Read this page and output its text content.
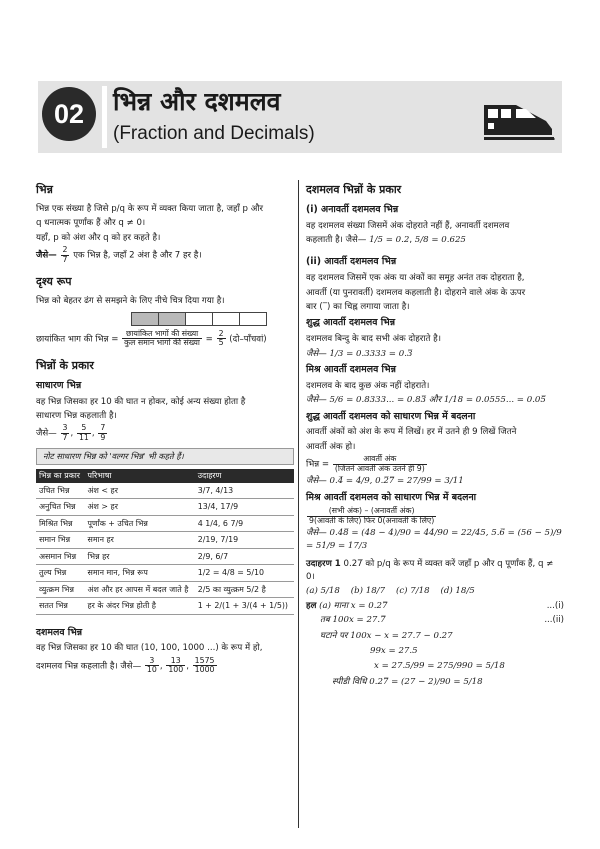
02	भिन्न और दशमलव
(Fraction and Decimals)
भिन्न

भिन्न एक संख्या है जिसे p/q के रूप में व्यक्त किया जाता है, जहाँ p और

q धनात्मक पूर्णांक हैं और q ≠ 0।

यहाँ, p को अंश और q को हर कहते है।

जैसे— $\frac{2}{7}$ एक भिन्न है, जहाँ 2 अंश है और 7 हर है।

दृश्य रूप

भिन्न को बेहतर ढंग से समझने के लिए नीचे चित्र दिया गया है।

छायांकित भाग की भिन्न = $\frac{\text{छायांकित भागों की संख्या}}{\text{कुल समान भागों की संख्या}} = \frac{2}{5}$ (दो–पाँचवां)

भिन्नों के प्रकार
साधारण भिन्न

वह भिन्न जिसका हर 10 की घात न होकर, कोई अन्य संख्या होता है

साधारण भिन्न कहलाती है।

जैसे— $\frac{3}{7}$ , $\frac{5}{11}$ , $\frac{7}{9}$

नोट साधारण भिन्न को 'वल्गर भिन्न' भी कहते हैं।
भिन्न का प्रकार	परिभाषा	उदाहरण
उचित भिन्न	अंश < हर	3/7, 4/13
अनुचित भिन्न	अंश > हर	13/4, 17/9
मिश्रित भिन्न	पूर्णांक + उचित भिन्न	4 1/4, 6 7/9
समान भिन्न	समान हर	2/19, 7/19
असमान भिन्न	भिन्न हर	2/9, 6/7
तुल्य भिन्न	समान मान, भिन्न रूप	1/2 = 4/8 = 5/10
व्युत्क्रम भिन्न	अंश और हर आपस में बदल जाते है	2/5 का व्युत्क्रम 5/2 है
सतत भिन्न	हर के अंदर भिन्न होती है	1 + 2/(1 + 3/(4 + 1/5))
दशमलव भिन्न

वह भिन्न जिसका हर 10 की घात (10, 100, 1000 ...) के रूप में हो,

दशमलव भिन्न कहलाती है। जैसे— $\frac{3}{10}$ , $\frac{13}{100}$ , $\frac{1575}{1000}$

दशमलव भिन्नों के प्रकार
(i) अनावर्ती दशमलव भिन्न

वह दशमलव संख्या जिसमें अंक दोहराते नहीं हैं, अनावर्ती दशमलव

कहलाती है। जैसे— 1/5 = 0.2, 5/8 = 0.625

(ii) आवर्ती दशमलव भिन्न

वह दशमलव जिसमें एक अंक या अंकों का समूह अनंत तक दोहराता है,

आवर्ती (या पुनरावर्ती) दशमलव कहलाती है। दोहराने वाले अंक के ऊपर

बार (‾) का चिह्न लगाया जाता है।

शुद्ध आवर्ती दशमलव भिन्न

दशमलव बिन्दु के बाद सभी अंक दोहराते है।

जैसे— 1/3 = 0.3333 = 0.3̅

मिश्र आवर्ती दशमलव भिन्न

दशमलव के बाद कुछ अंक नहीं दोहराते।

जैसे— 5/6 = 0.8333... = 0.83̅ और 1/18 = 0.0555... = 0.05̅

शुद्ध आवर्ती दशमलव को साधारण भिन्न में बदलना

आवर्ती अंकों को अंश के रूप में लिखें। हर में उतने ही 9 लिखें जितने

आवर्ती अंक हो।

भिन्न = $\frac{\text{आवर्ती अंक}}{\text{(जितने आवर्ती अंक उतने ही 9)}}$

जैसे— 0.4̅ = 4/9, 0.2̅7̅ = 27/99 = 3/11

मिश्र आवर्ती दशमलव को साधारण भिन्न में बदलना

$\frac{\text{(सभी अंक) – (अनावर्ती अंक)}}{\text{9(आवर्ती के लिए) फिर 0(अनावर्ती के लिए)}}$

जैसे— 0.48̅ = (48 − 4)/90 = 44/90 = 22/45, 5.6̅ = (56 − 5)/9 = 51/9 = 17/3

उदाहरण 1 0.27̅ को p/q के रूप में व्यक्त करें जहाँ p और q पूर्णांक हैं, q ≠ 0।

(a) 5/18 (b) 18/7 (c) 7/18 (d) 18/5

हल (a) माना x = 0.27̅	...(i)

तब 100x = 27.7̅	...(ii)

घटाने पर 100x − x = 27.7 − 0.27

99x = 27.5

x = 27.5/99 = 275/990 = 5/18

स्पीडी विधि 0.27̅ = (27 − 2)/90 = 5/18
